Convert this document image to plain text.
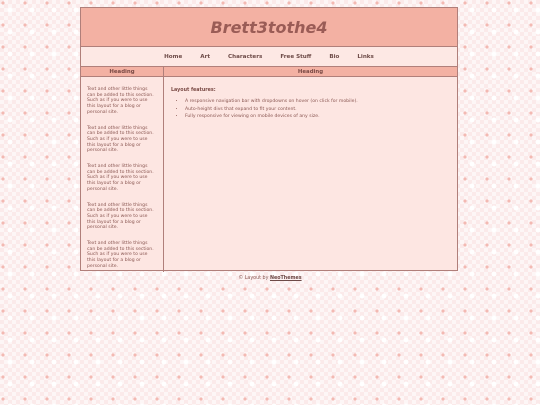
Brett3tothe4
Home	Art	Characters	Free Stuff	Bio	Links
Heading
Text and other little things can be added to this section. Such as if you were to use this layout for a blog or personal site.
Text and other little things can be added to this section. Such as if you were to use this layout for a blog or personal site.
Text and other little things can be added to this section. Such as if you were to use this layout for a blog or personal site.
Text and other little things can be added to this section. Such as if you were to use this layout for a blog or personal site.
Text and other little things can be added to this section. Such as if you were to use this layout for a blog or personal site.
Heading
Layout features:
• A responsive navigation bar with dropdowns on hover (on click for mobile).
• Auto-height divs that expand to fit your content.
• Fully responsive for viewing on mobile devices of any size.
© Layout by NeoThemes
